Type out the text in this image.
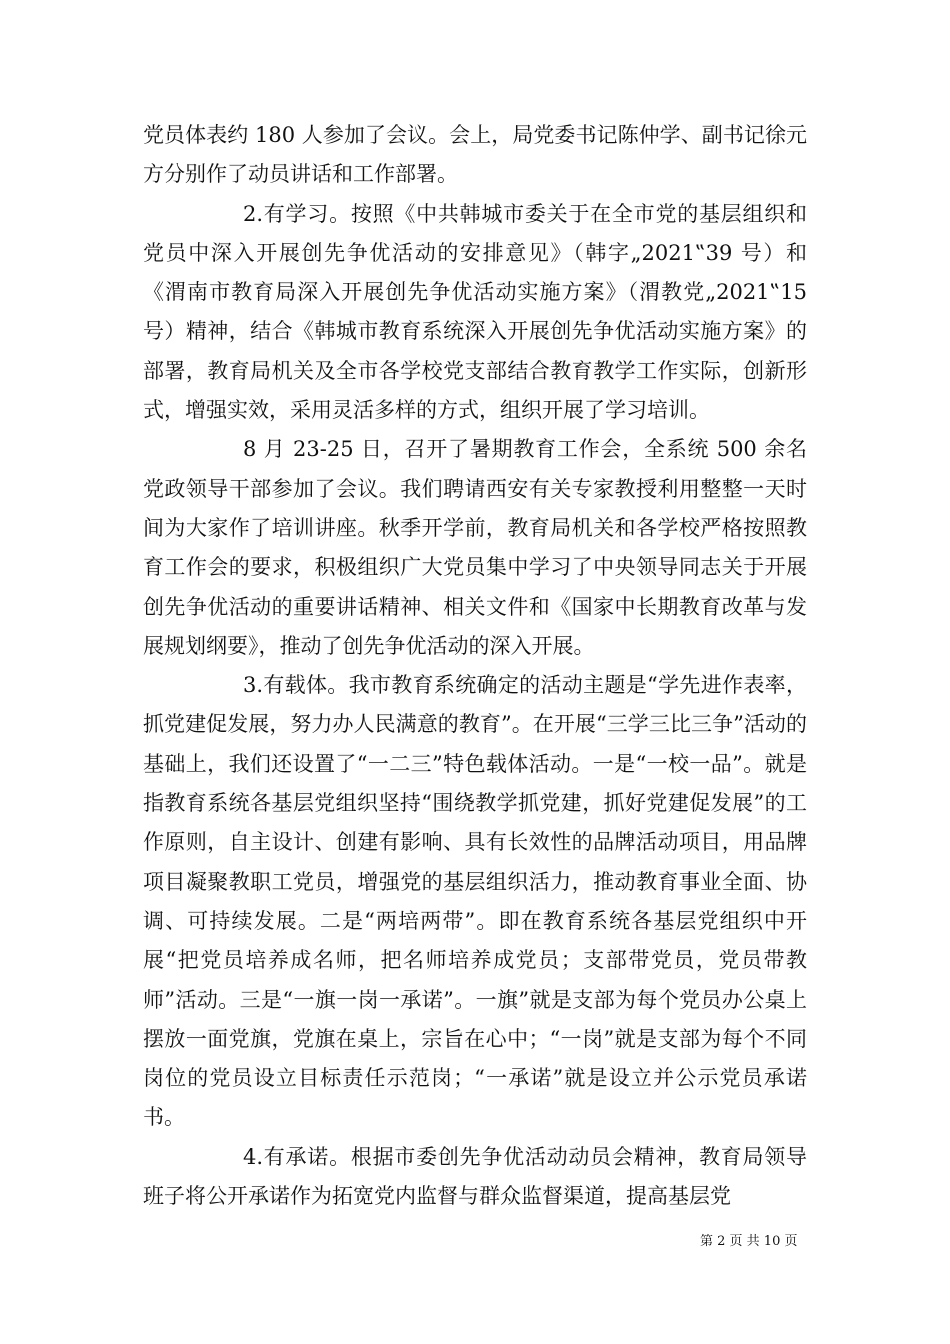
党员体表约 180 人参加了会议。会上，局党委书记陈仲学、副书记徐元方分别作了动员讲话和工作部署。

2.有学习。按照《中共韩城市委关于在全市党的基层组织和党员中深入开展创先争优活动的安排意见》（韩字„2021‟39 号）和《渭南市教育局深入开展创先争优活动实施方案》（渭教党„2021‟15 号）精神，结合《韩城市教育系统深入开展创先争优活动实施方案》的部署，教育局机关及全市各学校党支部结合教育教学工作实际，创新形式，增强实效，采用灵活多样的方式，组织开展了学习培训。

8 月 23-25 日，召开了暑期教育工作会，全系统 500 余名党政领导干部参加了会议。我们聘请西安有关专家教授利用整整一天时间为大家作了培训讲座。秋季开学前，教育局机关和各学校严格按照教育工作会的要求，积极组织广大党员集中学习了中央领导同志关于开展创先争优活动的重要讲话精神、相关文件和《国家中长期教育改革与发展规划纲要》，推动了创先争优活动的深入开展。

3.有载体。我市教育系统确定的活动主题是“学先进作表率，抓党建促发展，努力办人民满意的教育”。在开展“三学三比三争”活动的基础上，我们还设置了“一二三”特色载体活动。一是“一校一品”。就是指教育系统各基层党组织坚持“围绕教学抓党建，抓好党建促发展”的工作原则，自主设计、创建有影响、具有长效性的品牌活动项目，用品牌项目凝聚教职工党员，增强党的基层组织活力，推动教育事业全面、协调、可持续发展。二是“两培两带”。即在教育系统各基层党组织中开展“把党员培养成名师，把名师培养成党员；支部带党员，党员带教师”活动。三是“一旗一岗一承诺”。一旗”就是支部为每个党员办公桌上摆放一面党旗，党旗在桌上，宗旨在心中；“一岗”就是支部为每个不同岗位的党员设立目标责任示范岗；“一承诺”就是设立并公示党员承诺书。

4.有承诺。根据市委创先争优活动动员会精神，教育局领导班子将公开承诺作为拓宽党内监督与群众监督渠道，提高基层党

第 2 页 共 10 页
